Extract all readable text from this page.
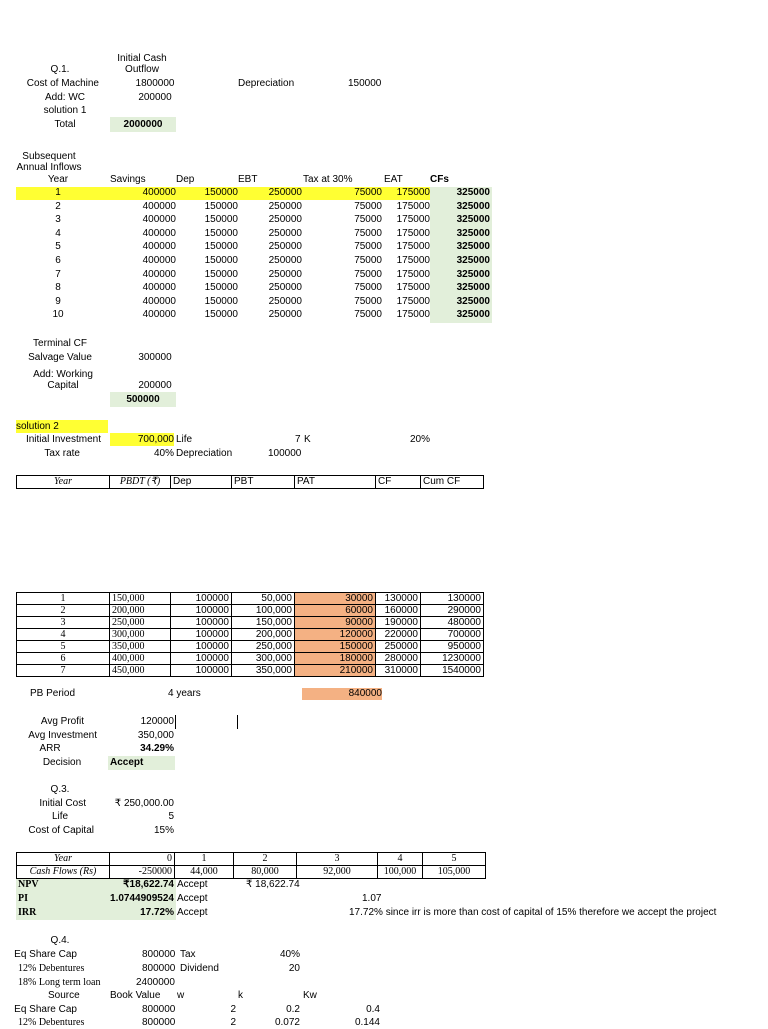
Q.1.
Initial Cash Outflow
Cost of Machine	1800000	Depreciation	150000
Add: WC	200000
solution 1
Total	2000000
Subsequent Annual Inflows
Year	Savings	Dep	EBT	Tax at 30%	EAT	CFs
1	400000	150000	250000	75000	175000	325000
2	400000	150000	250000	75000	175000	325000
3	400000	150000	250000	75000	175000	325000
4	400000	150000	250000	75000	175000	325000
5	400000	150000	250000	75000	175000	325000
6	400000	150000	250000	75000	175000	325000
7	400000	150000	250000	75000	175000	325000
8	400000	150000	250000	75000	175000	325000
9	400000	150000	250000	75000	175000	325000
10	400000	150000	250000	75000	175000	325000
Terminal CF
Salvage Value	300000
Add: Working Capital	200000
500000
solution 2
Initial Investment	700,000 Life	7 K	20%
Tax rate	40% Depreciation	100000
Year	PBDT (₹)	Dep	PBT	PAT	CF	Cum CF
1	150,000	100000	50,000	30000	130000	130000
2	200,000	100000	100,000	60000	160000	290000
3	250,000	100000	150,000	90000	190000	480000
4	300,000	100000	200,000	120000	220000	700000
5	350,000	100000	250,000	150000	250000	950000
6	400,000	100000	300,000	180000	280000	1230000
7	450,000	100000	350,000	210000	310000	1540000
PB Period	4 years	840000
Avg Profit	120000
Avg Investment	350,000
ARR	34.29%
Decision	Accept
Q.3.
Initial Cost	₹ 250,000.00
Life	5
Cost of Capital	15%
Year	0	1	2	3	4	5
Cash Flows (Rs)	-250000	44,000	80,000	92,000	100,000	105,000
NPV	₹18,622.74 Accept	₹ 18,622.74
PI	1.0744909524 Accept	1.07
IRR	17.72% Accept	17.72% since irr is more than cost of capital of 15% therefore we accept the project
Q.4.
Eq Share Cap	800000 Tax	40%
12% Debentures	800000 Dividend	20
18% Long term loan	2400000
Source	Book Value w	k	Kw
Eq Share Cap	800000	2	0.2	0.4
12% Debentures	800000	2	0.072	0.144
